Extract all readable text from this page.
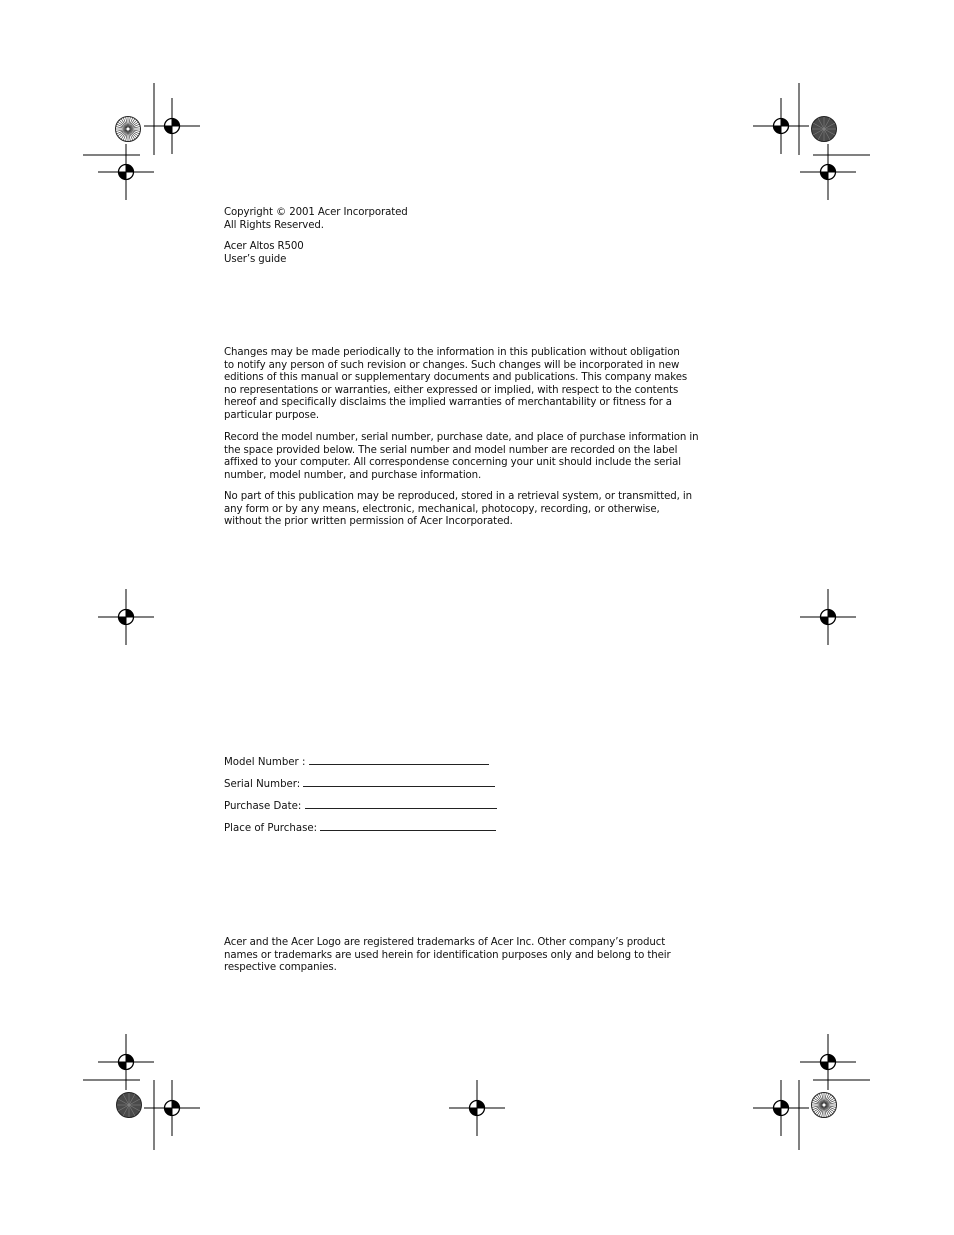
Copyright © 2001 Acer Incorporated

All Rights Reserved.

Acer Altos R500

User’s guide

Changes may be made periodically to the information in this publication without obligation

to notify any person of such revision or changes. Such changes will be incorporated in new

editions of this manual or supplementary documents and publications. This company makes

no representations or warranties, either expressed or implied, with respect to the contents

hereof and specifically disclaims the implied warranties of merchantability or fitness for a

particular purpose.

Record the model number, serial number, purchase date, and place of purchase information in

the space provided below. The serial number and model number are recorded on the label

affixed to your computer. All correspondense concerning your unit should include the serial

number, model number, and purchase information.

No part of this publication may be reproduced, stored in a retrieval system, or transmitted, in

any form or by any means, electronic, mechanical, photocopy, recording, or otherwise,

without the prior written permission of Acer Incorporated.

Model Number :
Serial Number:
Purchase Date:
Place of Purchase:

Acer and the Acer Logo are registered trademarks of Acer Inc. Other company’s product

names or trademarks are used herein for identification purposes only and belong to their

respective companies.
